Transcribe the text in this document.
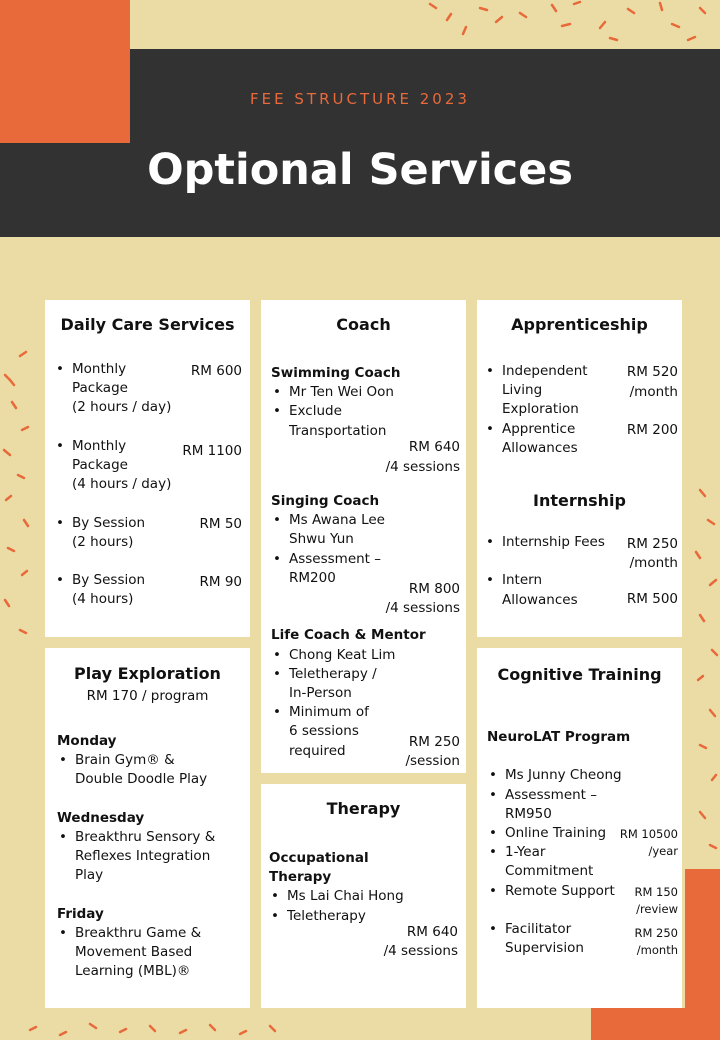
FEE STRUCTURE 2023
Optional Services
Daily Care Services
• Monthly
Package
(2 hours / day)
RM 600
• Monthly
Package
(4 hours / day)
RM 1100
• By Session
(2 hours)
RM 50
• By Session
(4 hours)
RM 90
Coach
Swimming Coach
• Mr Ten Wei Oon
• Exclude
Transportation
RM 640
/4 sessions
Singing Coach
• Ms Awana Lee
Shwu Yun
• Assessment –
RM200
RM 800
/4 sessions
Life Coach & Mentor
• Chong Keat Lim
• Teletherapy /
In-Person
• Minimum of
6 sessions
required
RM 250
/session
Apprenticeship
• Independent
Living
Exploration
RM 520
/month
• Apprentice
Allowances
RM 200
Internship
• Internship Fees RM 250
/month
• Intern
Allowances	RM 500
Play Exploration
RM 170 / program
Monday
• Brain Gym® &
Double Doodle Play
Wednesday
• Breakthru Sensory &
Reflexes Integration
Play
Friday
• Breakthru Game &
Movement Based
Learning (MBL)®
Therapy
Occupational
Therapy
• Ms Lai Chai Hong
• Teletherapy
RM 640
/4 sessions
Cognitive Training
NeuroLAT Program
• Ms Junny Cheong
• Assessment –
RM950
• Online Training
• 1-Year
Commitment
• Remote Support
• Facilitator
Supervision
RM 10500
/year
RM 150
/review
RM 250
/month
